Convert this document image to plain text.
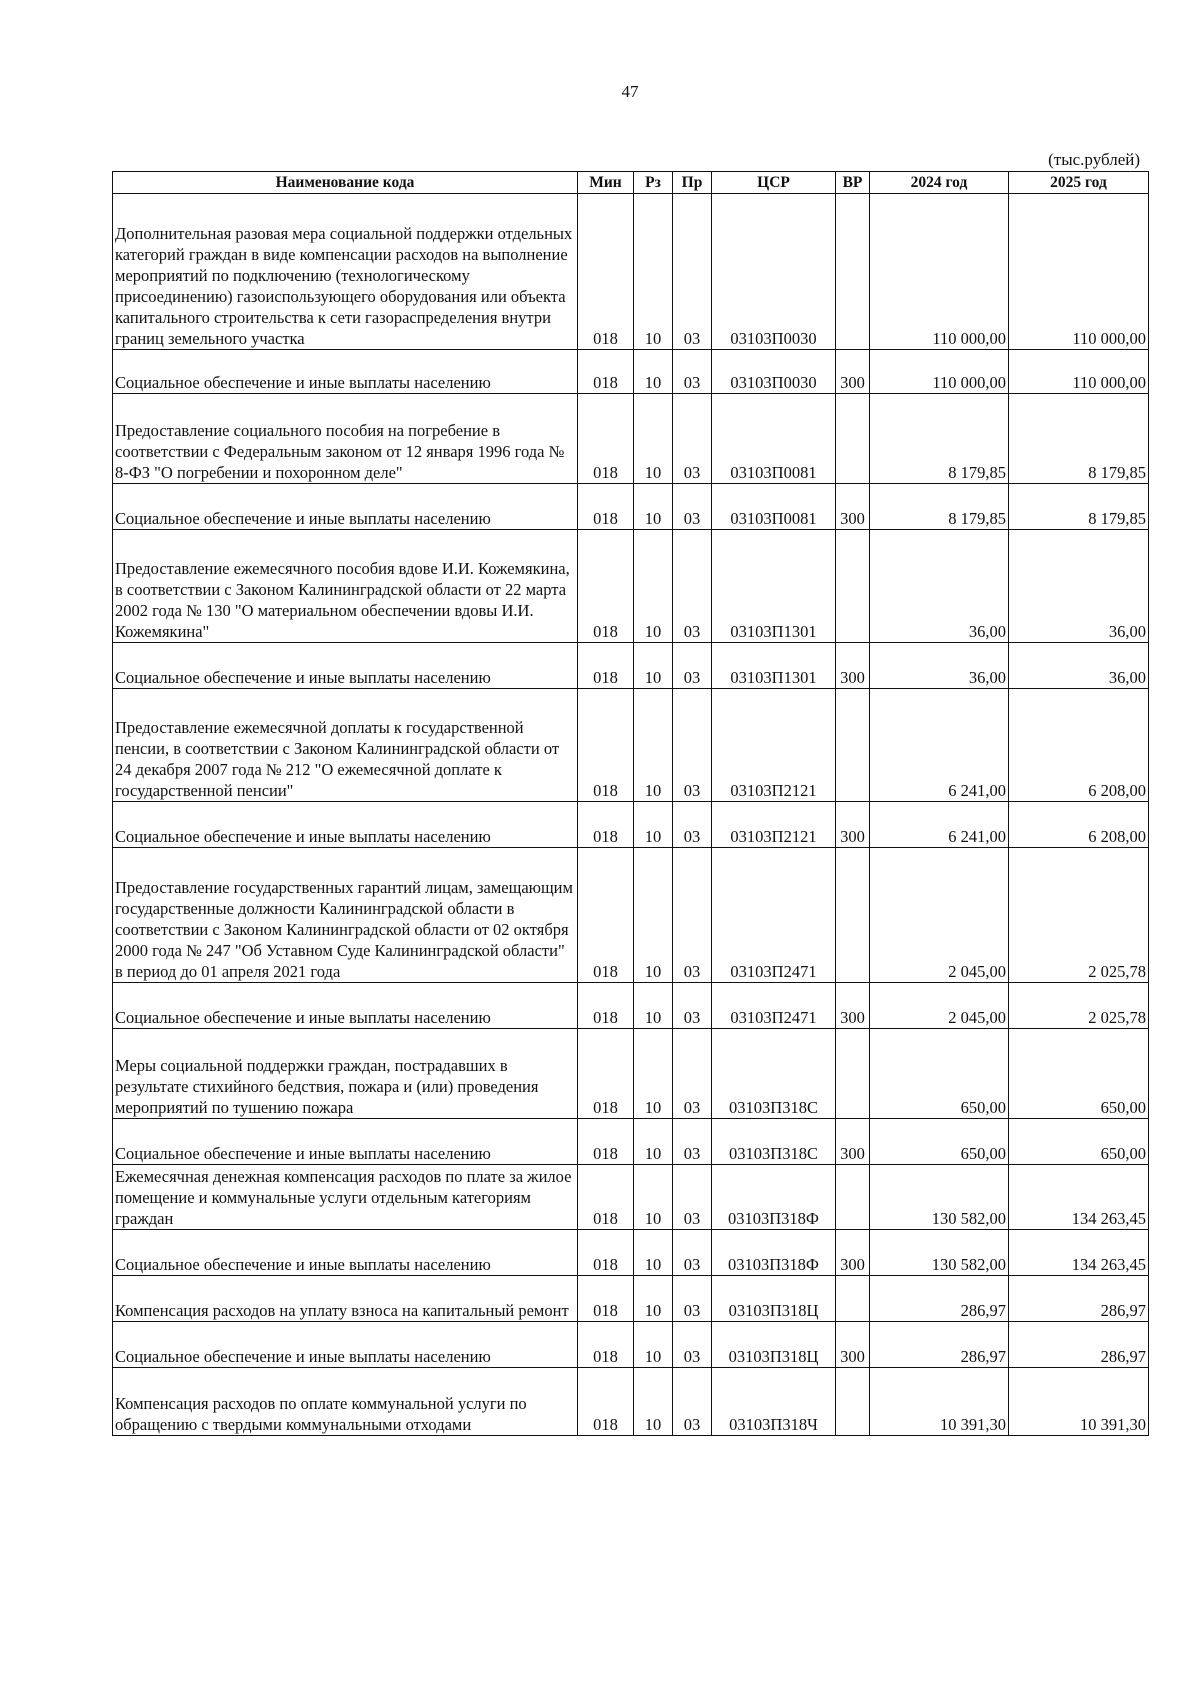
47
(тыс.рублей)
Наименование кода	Мин	Рз	Пр	ЦСР	ВР	2024 год	2025 год
Дополнительная разовая мера социальной поддержки отдельных категорий граждан в виде компенсации расходов на выполнение мероприятий по подключению (технологическому присоединению) газоиспользующего оборудования или объекта капитального строительства к сети газораспределения внутри границ земельного участка	018	10	03	03103П0030		110 000,00	110 000,00
Социальное обеспечение и иные выплаты населению	018	10	03	03103П0030	300	110 000,00	110 000,00
Предоставление социального пособия на погребение в соответствии с Федеральным законом от 12 января 1996 года № 8-ФЗ "О погребении и похоронном деле"	018	10	03	03103П0081		8 179,85	8 179,85
Социальное обеспечение и иные выплаты населению	018	10	03	03103П0081	300	8 179,85	8 179,85
Предоставление ежемесячного пособия вдове И.И. Кожемякина, в соответствии с Законом Калининградской области от 22 марта 2002 года № 130 "О материальном обеспечении вдовы И.И. Кожемякина"	018	10	03	03103П1301		36,00	36,00
Социальное обеспечение и иные выплаты населению	018	10	03	03103П1301	300	36,00	36,00
Предоставление ежемесячной доплаты к государственной пенсии, в соответствии с Законом Калининградской области от 24 декабря 2007 года № 212 "О ежемесячной доплате к государственной пенсии"	018	10	03	03103П2121		6 241,00	6 208,00
Социальное обеспечение и иные выплаты населению	018	10	03	03103П2121	300	6 241,00	6 208,00
Предоставление государственных гарантий лицам, замещающим государственные должности Калининградской области в соответствии с Законом Калининградской области от 02 октября 2000 года № 247 "Об Уставном Суде Калининградской области" в период до 01 апреля 2021 года	018	10	03	03103П2471		2 045,00	2 025,78
Социальное обеспечение и иные выплаты населению	018	10	03	03103П2471	300	2 045,00	2 025,78
Меры социальной поддержки граждан, пострадавших в результате стихийного бедствия, пожара и (или) проведения мероприятий по тушению пожара	018	10	03	03103П318С		650,00	650,00
Социальное обеспечение и иные выплаты населению	018	10	03	03103П318С	300	650,00	650,00
Ежемесячная денежная компенсация расходов по плате за жилое помещение и коммунальные услуги отдельным категориям граждан	018	10	03	03103П318Ф		130 582,00	134 263,45
Социальное обеспечение и иные выплаты населению	018	10	03	03103П318Ф	300	130 582,00	134 263,45
Компенсация расходов на уплату взноса на капитальный ремонт	018	10	03	03103П318Ц		286,97	286,97
Социальное обеспечение и иные выплаты населению	018	10	03	03103П318Ц	300	286,97	286,97
Компенсация расходов по оплате коммунальной услуги по обращению с твердыми коммунальными отходами	018	10	03	03103П318Ч		10 391,30	10 391,30
